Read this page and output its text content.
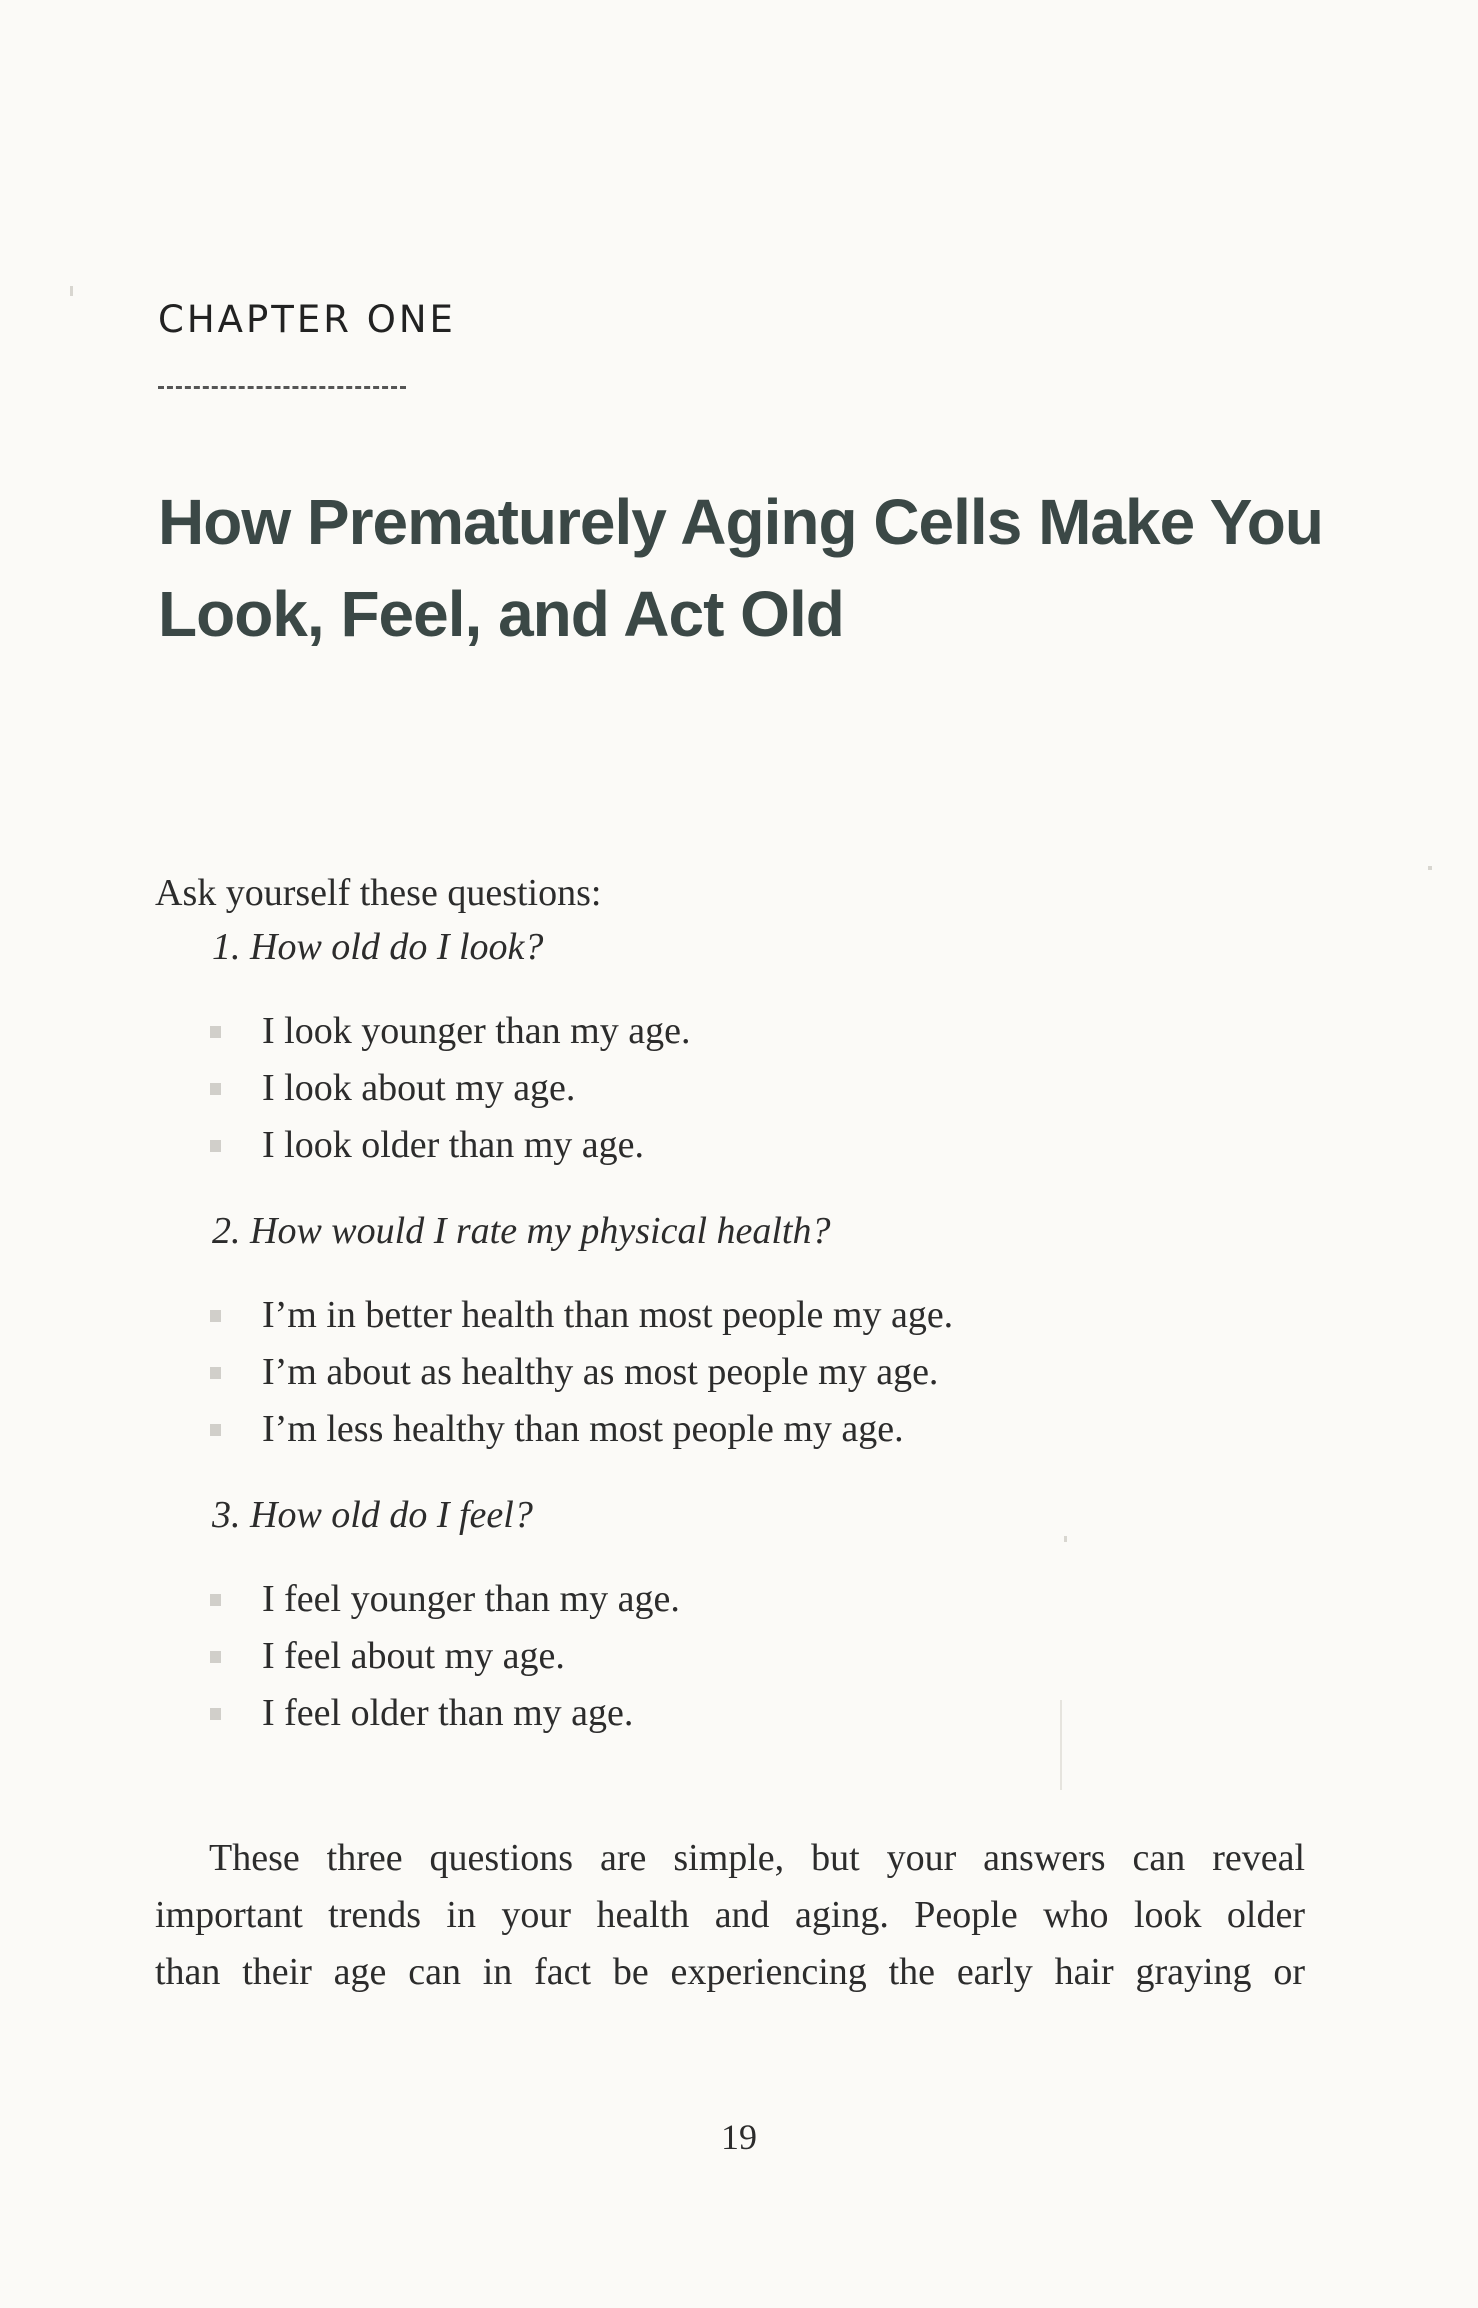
CHAPTER ONE

How Prematurely Aging Cells Make You
Look, Feel, and Act Old

Ask yourself these questions:

1. How old do I look?

I look younger than my age.
I look about my age.
I look older than my age.

2. How would I rate my physical health?

I’m in better health than most people my age.
I’m about as healthy as most people my age.
I’m less healthy than most people my age.

3. How old do I feel?

I feel younger than my age.
I feel about my age.
I feel older than my age.
These three questions are simple, but your answers can reveal
important trends in your health and aging. People who look older
than their age can in fact be experiencing the early hair graying or

19
